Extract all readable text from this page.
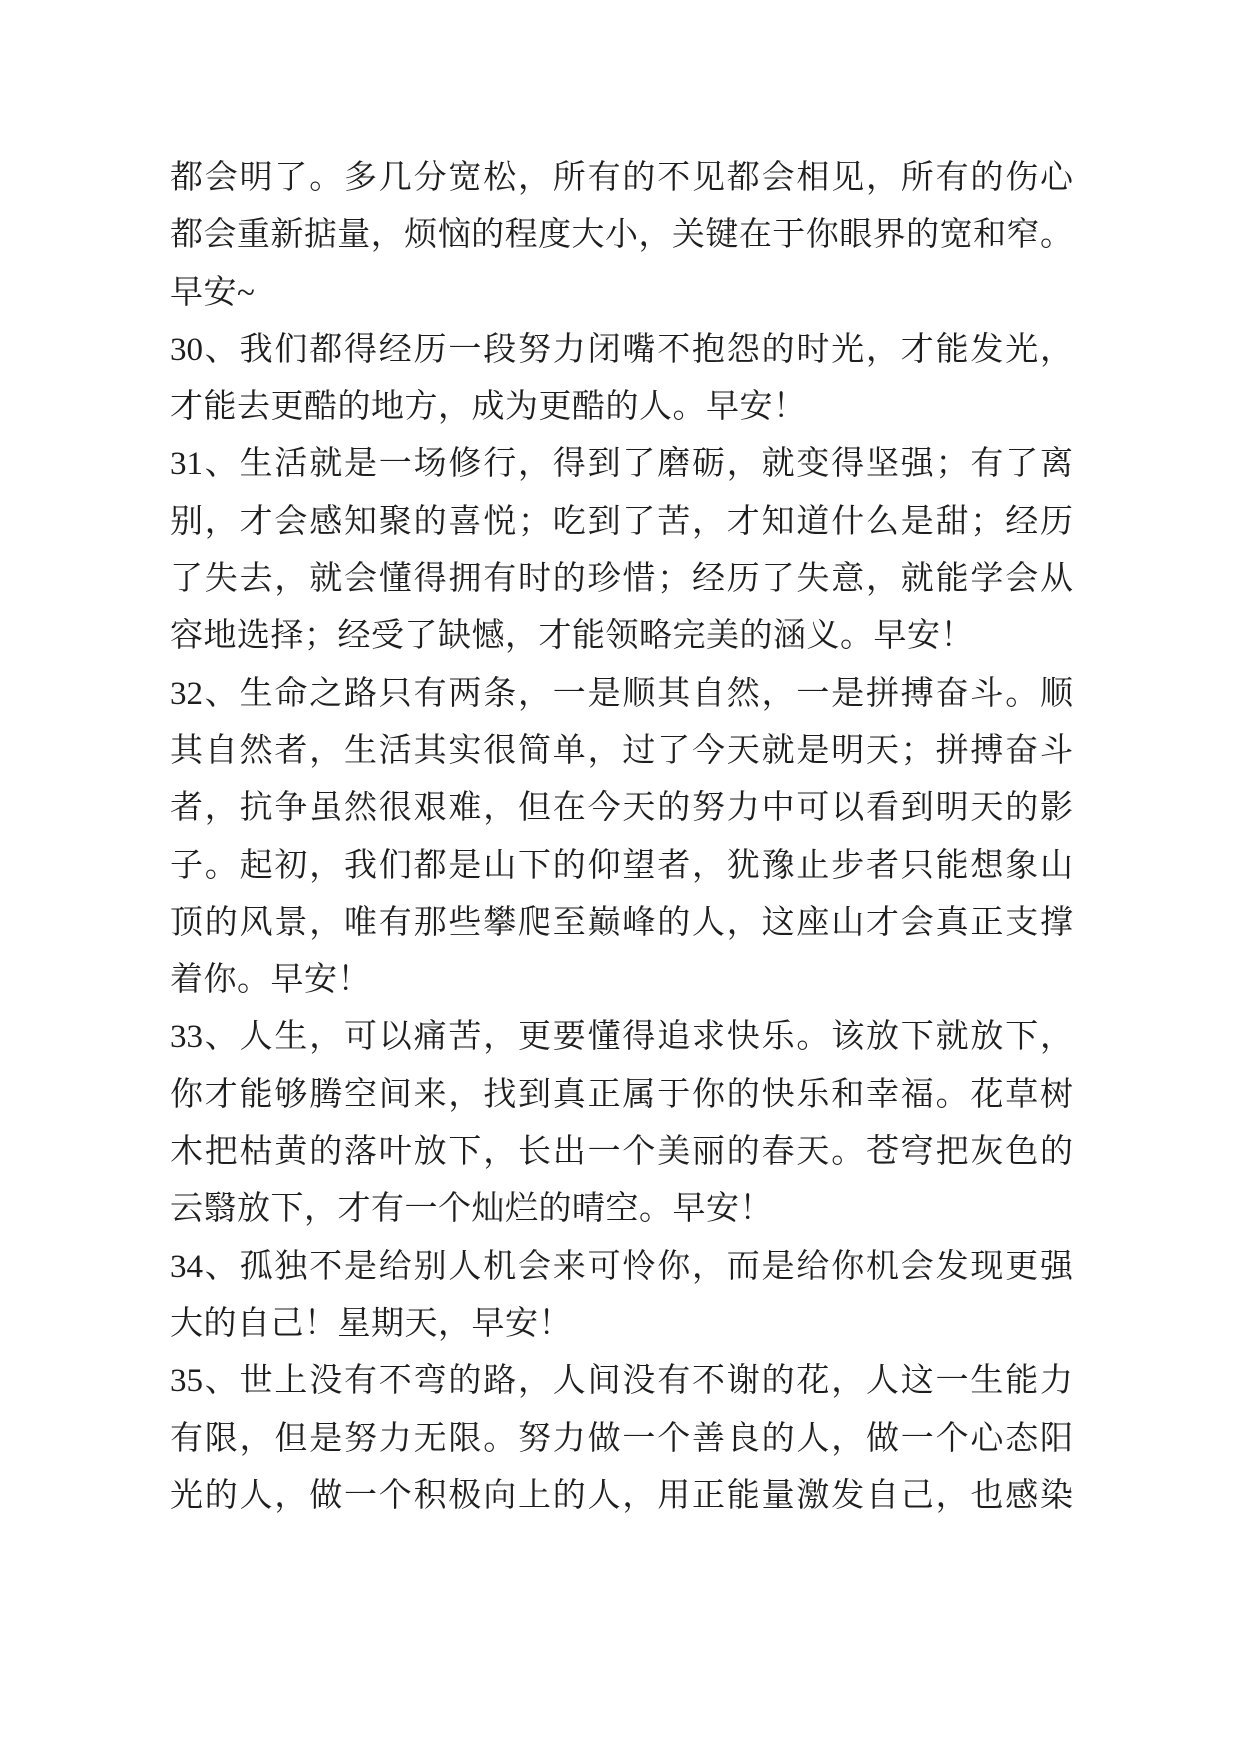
都会明了。多几分宽松，所有的不见都会相见，所有的伤心
都会重新掂量，烦恼的程度大小，关键在于你眼界的宽和窄。
早安~
30、我们都得经历一段努力闭嘴不抱怨的时光，才能发光，
才能去更酷的地方，成为更酷的人。早安！
31、生活就是一场修行，得到了磨砺，就变得坚强；有了离
别，才会感知聚的喜悦；吃到了苦，才知道什么是甜；经历
了失去，就会懂得拥有时的珍惜；经历了失意，就能学会从
容地选择；经受了缺憾，才能领略完美的涵义。早安！
32、生命之路只有两条，一是顺其自然，一是拼搏奋斗。顺
其自然者，生活其实很简单，过了今天就是明天；拼搏奋斗
者，抗争虽然很艰难，但在今天的努力中可以看到明天的影
子。起初，我们都是山下的仰望者，犹豫止步者只能想象山
顶的风景，唯有那些攀爬至巅峰的人，这座山才会真正支撑
着你。早安！
33、人生，可以痛苦，更要懂得追求快乐。该放下就放下，
你才能够腾空间来，找到真正属于你的快乐和幸福。花草树
木把枯黄的落叶放下，长出一个美丽的春天。苍穹把灰色的
云翳放下，才有一个灿烂的晴空。早安！
34、孤独不是给别人机会来可怜你，而是给你机会发现更强
大的自己！星期天，早安！
35、世上没有不弯的路，人间没有不谢的花，人这一生能力
有限，但是努力无限。努力做一个善良的人，做一个心态阳
光的人，做一个积极向上的人，用正能量激发自己，也感染
